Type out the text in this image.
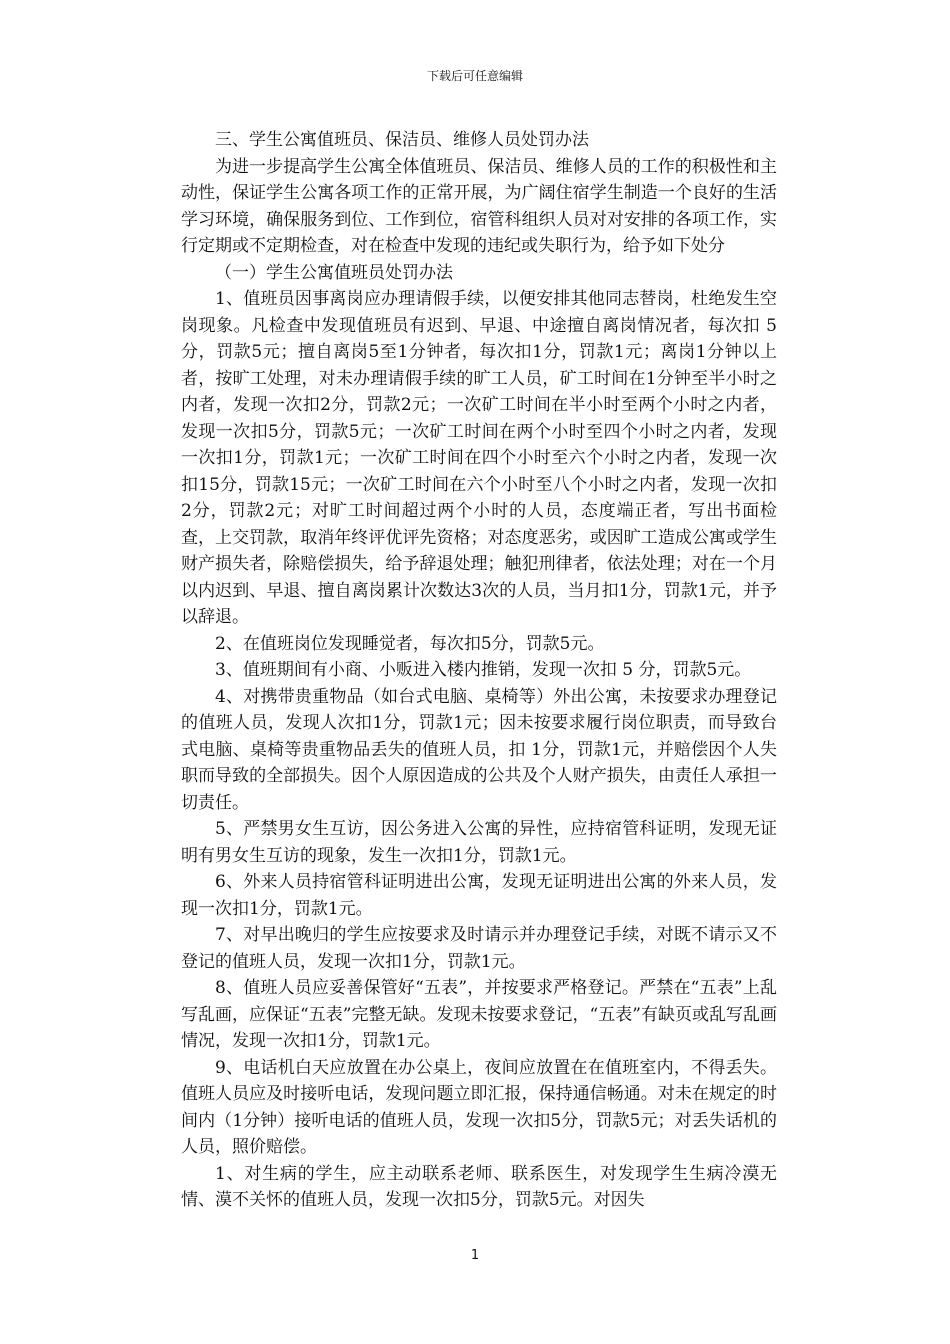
下载后可任意编辑

三、学生公寓值班员、保洁员、维修人员处罚办法

为进一步提高学生公寓全体值班员、保洁员、维修人员的工作的积极性和主动性，保证学生公寓各项工作的正常开展，为广阔住宿学生制造一个良好的生活学习环境，确保服务到位、工作到位，宿管科组织人员对对安排的各项工作，实行定期或不定期检查，对在检查中发现的违纪或失职行为，给予如下处分

（一）学生公寓值班员处罚办法

1、值班员因事离岗应办理请假手续，以便安排其他同志替岗，杜绝发生空岗现象。凡检查中发现值班员有迟到、早退、中途擅自离岗情况者，每次扣 5 分，罚款5元；擅自离岗5至1分钟者，每次扣1分，罚款1元；离岗1分钟以上者，按旷工处理，对未办理请假手续的旷工人员，矿工时间在1分钟至半小时之内者，发现一次扣2分，罚款2元；一次矿工时间在半小时至两个小时之内者，发现一次扣5分，罚款5元；一次矿工时间在两个小时至四个小时之内者，发现一次扣1分，罚款1元；一次矿工时间在四个小时至六个小时之内者，发现一次扣15分，罚款15元；一次矿工时间在六个小时至八个小时之内者，发现一次扣2分，罚款2元；对旷工时间超过两个小时的人员，态度端正者，写出书面检查，上交罚款，取消年终评优评先资格；对态度恶劣，或因旷工造成公寓或学生财产损失者，除赔偿损失，给予辞退处理；触犯刑律者，依法处理；对在一个月以内迟到、早退、擅自离岗累计次数达3次的人员，当月扣1分，罚款1元，并予以辞退。

2、在值班岗位发现睡觉者，每次扣5分，罚款5元。

3、值班期间有小商、小贩进入楼内推销，发现一次扣 5 分，罚款5元。

4、对携带贵重物品（如台式电脑、桌椅等）外出公寓，未按要求办理登记的值班人员，发现人次扣1分，罚款1元；因未按要求履行岗位职责，而导致台式电脑、桌椅等贵重物品丢失的值班人员，扣 1分，罚款1元，并赔偿因个人失职而导致的全部损失。因个人原因造成的公共及个人财产损失，由责任人承担一切责任。

5、严禁男女生互访，因公务进入公寓的异性，应持宿管科证明，发现无证明有男女生互访的现象，发生一次扣1分，罚款1元。

6、外来人员持宿管科证明进出公寓，发现无证明进出公寓的外来人员，发现一次扣1分，罚款1元。

7、对早出晚归的学生应按要求及时请示并办理登记手续，对既不请示又不登记的值班人员，发现一次扣1分，罚款1元。

8、值班人员应妥善保管好“五表”，并按要求严格登记。严禁在“五表”上乱写乱画，应保证“五表”完整无缺。发现未按要求登记，“五表”有缺页或乱写乱画情况，发现一次扣1分，罚款1元。

9、电话机白天应放置在办公桌上，夜间应放置在在值班室内，不得丢失。值班人员应及时接听电话，发现问题立即汇报，保持通信畅通。对未在规定的时间内（1分钟）接听电话的值班人员，发现一次扣5分，罚款5元；对丢失话机的人员，照价赔偿。

1、对生病的学生，应主动联系老师、联系医生，对发现学生生病冷漠无情、漠不关怀的值班人员，发现一次扣5分，罚款5元。对因失

1
